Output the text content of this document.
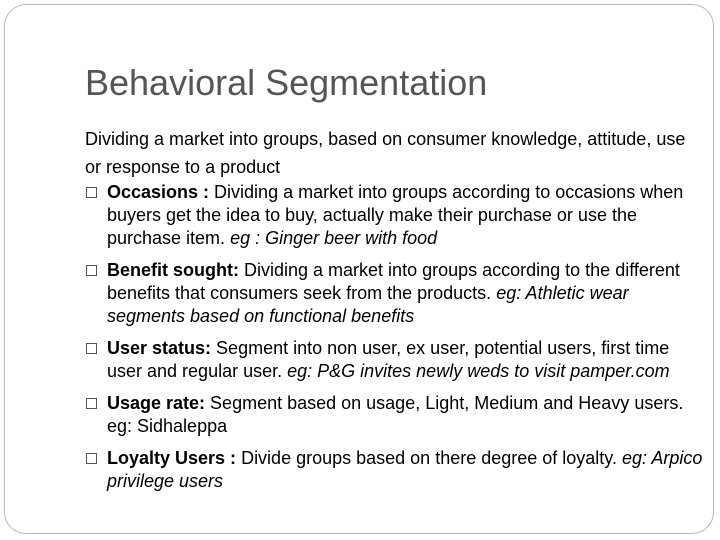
Behavioral Segmentation

Dividing a market into groups, based on consumer knowledge, attitude, use or response to a product

Occasions : Dividing a market into groups according to occasions when buyers get the idea to buy, actually make their purchase or use the purchase item. eg : Ginger beer with food
Benefit sought: Dividing a market into groups according to the different benefits that consumers seek from the products. eg: Athletic wear segments based on functional benefits
User status: Segment into non user, ex user, potential users, first time user and regular user. eg: P&G invites newly weds to visit pamper.com
Usage rate: Segment based on usage, Light, Medium and Heavy users. eg: Sidhaleppa
Loyalty Users : Divide groups based on there degree of loyalty. eg: Arpico privilege users
